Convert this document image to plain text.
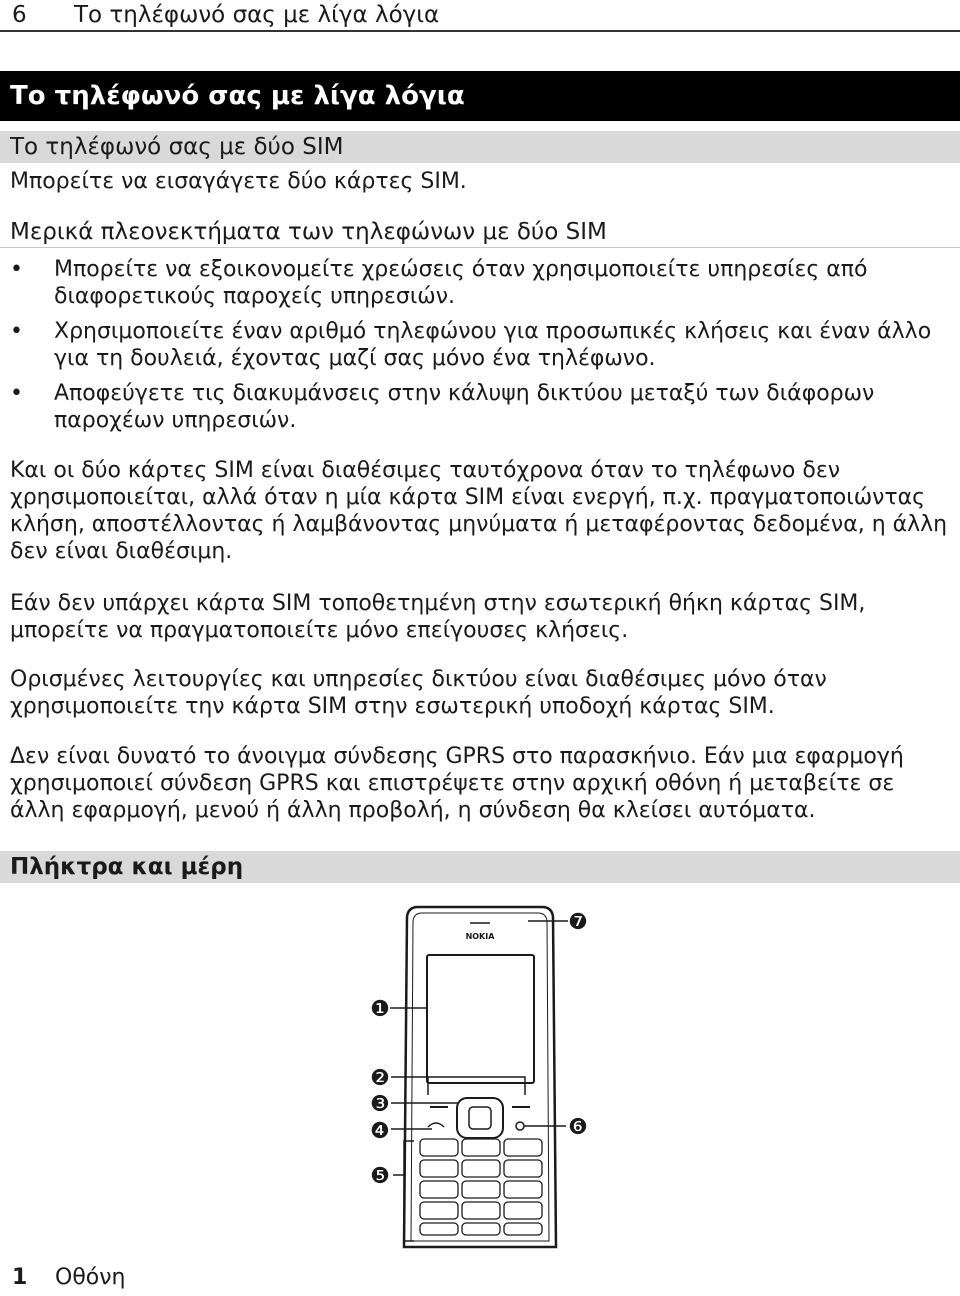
6 Το τηλέφωνό σας με λίγα λόγια
Το τηλέφωνό σας με λίγα λόγια
Το τηλέφωνό σας με δύο SIM

Μπορείτε να εισαγάγετε δύο κάρτες SIM.

Μερικά πλεονεκτήματα των τηλεφώνων με δύο SIM
•	Μπορείτε να εξοικονομείτε χρεώσεις όταν χρησιμοποιείτε υπηρεσίες από διαφορετικούς παροχείς υπηρεσιών.
•	Χρησιμοποιείτε έναν αριθμό τηλεφώνου για προσωπικές κλήσεις και έναν άλλο για τη δουλειά, έχοντας μαζί σας μόνο ένα τηλέφωνο.
•	Αποφεύγετε τις διακυμάνσεις στην κάλυψη δικτύου μεταξύ των διάφορων παροχέων υπηρεσιών.

Και οι δύο κάρτες SIM είναι διαθέσιμες ταυτόχρονα όταν το τηλέφωνο δεν χρησιμοποιείται, αλλά όταν η μία κάρτα SIM είναι ενεργή, π.χ. πραγματοποιώντας κλήση, αποστέλλοντας ή λαμβάνοντας μηνύματα ή μεταφέροντας δεδομένα, η άλλη δεν είναι διαθέσιμη.

Εάν δεν υπάρχει κάρτα SIM τοποθετημένη στην εσωτερική θήκη κάρτας SIM, μπορείτε να πραγματοποιείτε μόνο επείγουσες κλήσεις.

Ορισμένες λειτουργίες και υπηρεσίες δικτύου είναι διαθέσιμες μόνο όταν χρησιμοποιείτε την κάρτα SIM στην εσωτερική υποδοχή κάρτας SIM.

Δεν είναι δυνατό το άνοιγμα σύνδεσης GPRS στο παρασκήνιο. Εάν μια εφαρμογή χρησιμοποιεί σύνδεση GPRS και επιστρέψετε στην αρχική οθόνη ή μεταβείτε σε άλλη εφαρμογή, μενού ή άλλη προβολή, η σύνδεση θα κλείσει αυτόματα.

Πλήκτρα και μέρη
NOKIA
❶
❷
❸
❹
❺
❻
❼
1 Οθόνη
